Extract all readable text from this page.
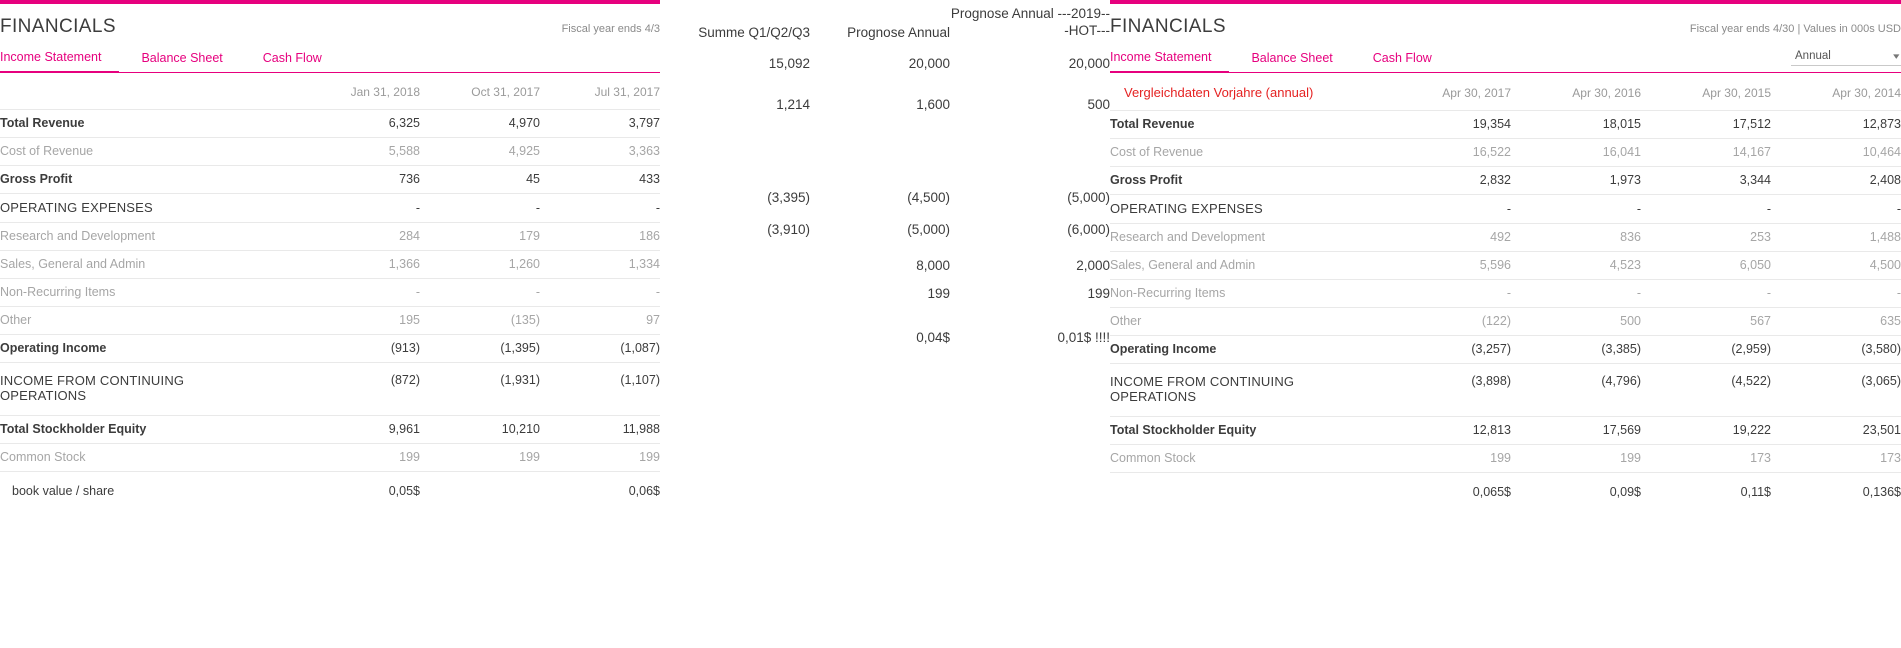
FINANCIALS	Fiscal year ends 4/3
Income Statement	Balance Sheet	Cash Flow
	Jan 31, 2018	Oct 31, 2017	Jul 31, 2017
Total Revenue	6,325	4,970	3,797
Cost of Revenue	5,588	4,925	3,363
Gross Profit	736	45	433
OPERATING EXPENSES	-	-	-
Research and Development	284	179	186
Sales, General and Admin	1,366	1,260	1,334
Non-Recurring Items	-	-	-
Other	195	(135)	97
Operating Income	(913)	(1,395)	(1,087)
INCOME FROM CONTINUING OPERATIONS	(872)	(1,931)	(1,107)
Total Stockholder Equity	9,961	10,210	11,988
Common Stock	199	199	199
book value / share	0,05$		0,06$
Summe Q1/Q2/Q3	Prognose Annual	Prognose Annual ---2019---HOT---
15,092	20,000	20,000

1,214	1,600	500

(3,395)	(4,500)	(5,000)
(3,910)	(5,000)	(6,000)
	8,000	2,000
	199	199
	0,04$	0,01$ !!!!
FINANCIALS	Fiscal year ends 4/30 | Values in 000s USD
Income Statement	Balance Sheet	Cash Flow	Annual	▾
Vergleichdaten Vorjahre (annual)	Apr 30, 2017	Apr 30, 2016	Apr 30, 2015	Apr 30, 2014
Total Revenue	19,354	18,015	17,512	12,873
Cost of Revenue	16,522	16,041	14,167	10,464
Gross Profit	2,832	1,973	3,344	2,408
OPERATING EXPENSES	-	-	-	-
Research and Development	492	836	253	1,488
Sales, General and Admin	5,596	4,523	6,050	4,500
Non-Recurring Items	-	-	-	-
Other	(122)	500	567	635
Operating Income	(3,257)	(3,385)	(2,959)	(3,580)
INCOME FROM CONTINUING OPERATIONS	(3,898)	(4,796)	(4,522)	(3,065)
Total Stockholder Equity	12,813	17,569	19,222	23,501
Common Stock	199	199	173	173
	0,065$	0,09$	0,11$	0,136$
